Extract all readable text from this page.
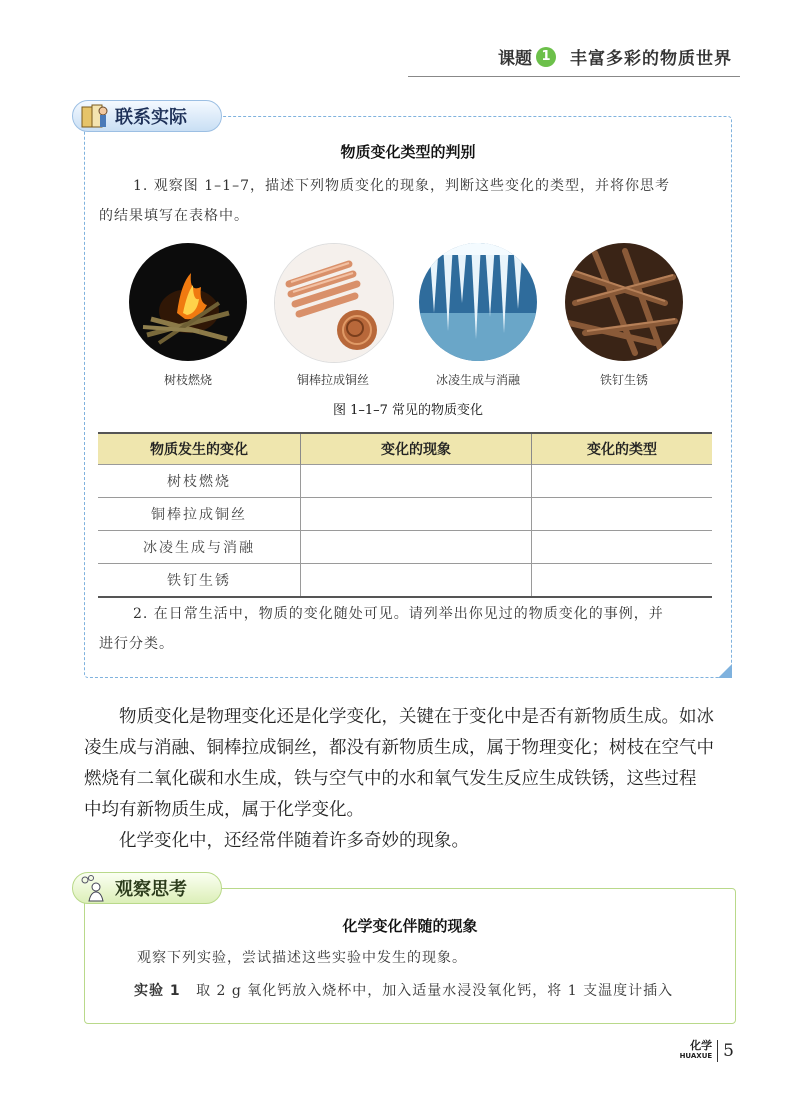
课题 1	丰富多彩的物质世界
物质变化类型的判别
1. 观察图 1–1–7，描述下列物质变化的现象，判断这些变化的类型，并将你思考
的结果填写在表格中。
树枝燃烧	铜棒拉成铜丝	冰凌生成与消融	铁钉生锈
图 1–1–7 常见的物质变化
2. 在日常生活中，物质的变化随处可见。请列举出你见过的物质变化的事例，并
进行分类。
联系实际
物质发生的变化	变化的现象	变化的类型
树枝燃烧		
铜棒拉成铜丝		
冰凌生成与消融		
铁钉生锈		

物质变化是物理变化还是化学变化，关键在于变化中是否有新物质生成。如冰

凌生成与消融、铜棒拉成铜丝，都没有新物质生成，属于物理变化；树枝在空气中

燃烧有二氧化碳和水生成，铁与空气中的水和氧气发生反应生成铁锈，这些过程

中均有新物质生成，属于化学变化。

化学变化中，还经常伴随着许多奇妙的现象。

化学变化伴随的现象
观察下列实验，尝试描述这些实验中发生的现象。
实验 1 取 2 g 氧化钙放入烧杯中，加入适量水浸没氧化钙，将 1 支温度计插入
观察思考
化学
HUAXUE 5
